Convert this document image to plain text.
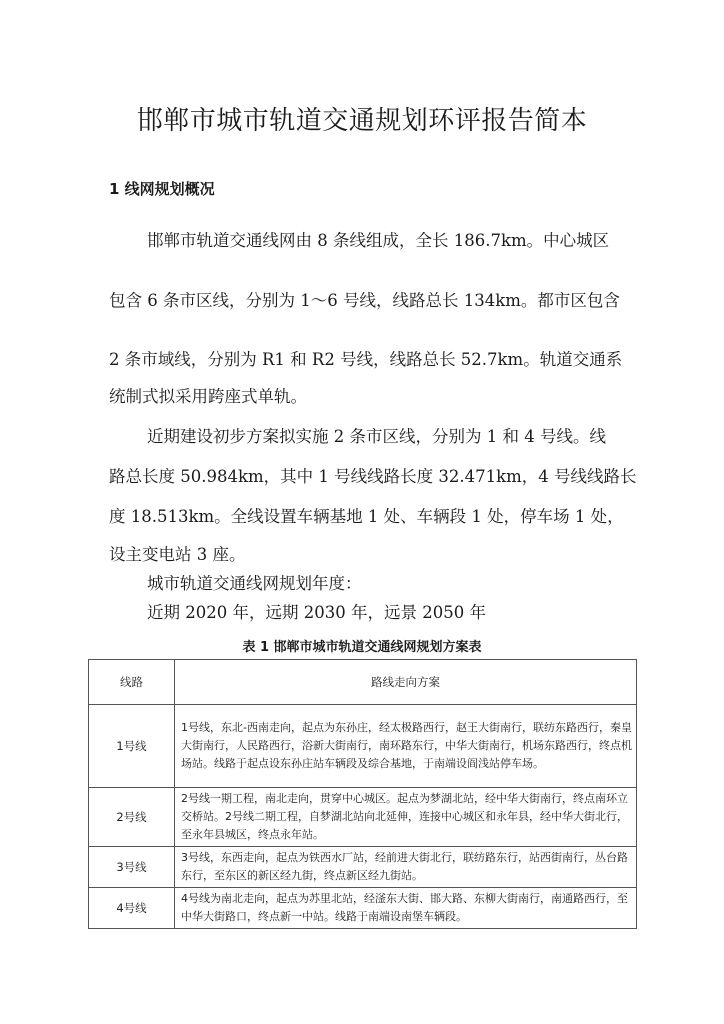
邯郸市城市轨道交通规划环评报告简本
1 线网规划概况
邯郸市轨道交通线网由 8 条线组成，全长 186.7km。中心城区
包含 6 条市区线，分别为 1～6 号线，线路总长 134km。都市区包含
2 条市域线，分别为 R1 和 R2 号线，线路总长 52.7km。轨道交通系
统制式拟采用跨座式单轨。
近期建设初步方案拟实施 2 条市区线，分别为 1 和 4 号线。线
路总长度 50.984km，其中 1 号线线路长度 32.471km，4 号线线路长
度 18.513km。全线设置车辆基地 1 处、车辆段 1 处，停车场 1 处，
设主变电站 3 座。
城市轨道交通线网规划年度：
近期 2020 年，远期 2030 年，远景 2050 年
表 1 邯郸市城市轨道交通线网规划方案表
线路	路线走向方案
1号线	1号线，东北-西南走向，起点为东孙庄，经太极路西行，赵王大街南行，联纺东路西行，秦皇大街南行，人民路西行，浴新大街南行，南环路东行，中华大街南行，机场东路西行，终点机场站。线路于起点设东孙庄站车辆段及综合基地，于南端设阎浅站停车场。
2号线	2号线一期工程，南北走向，贯穿中心城区。起点为梦湖北站，经中华大街南行，终点南环立交桥站。2号线二期工程，自梦湖北站向北延伸，连接中心城区和永年县，经中华大街北行，至永年县城区，终点永年站。
3号线	3号线，东西走向，起点为铁西水厂站，经前进大街北行，联纺路东行，站西街南行，丛台路东行，至东区的新区经九街，终点新区经九街站。
4号线	4号线为南北走向，起点为苏里北站，经滏东大街、邯大路、东柳大街南行，南通路西行，至中华大街路口，终点新一中站。线路于南端设南堡车辆段。
